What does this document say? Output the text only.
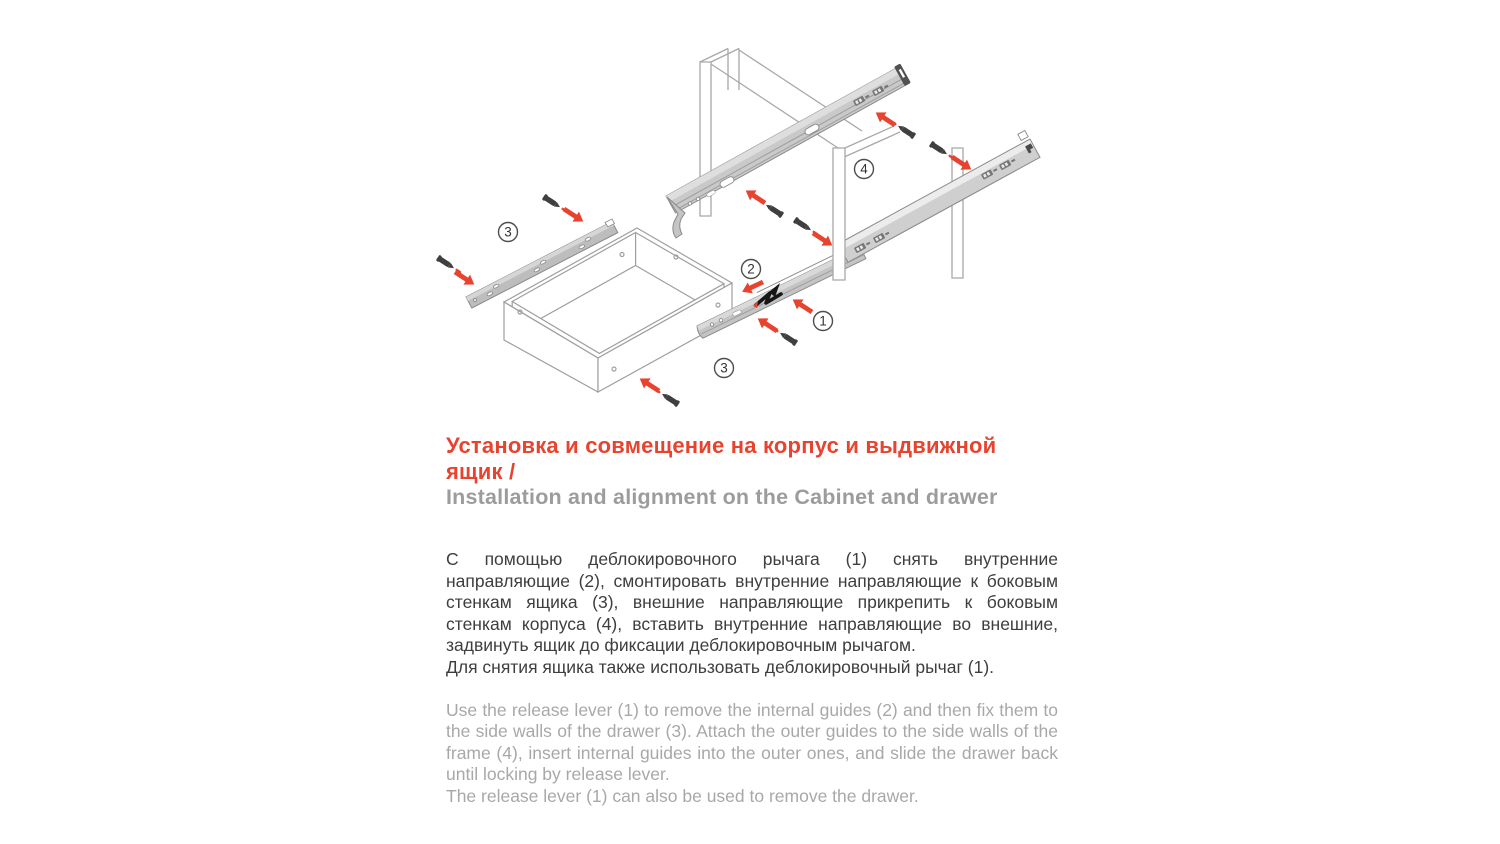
3
4
2
1
3
Установка и совмещение на корпус и выдвижной ящик /
Installation and alignment on the Cabinet and drawer

С помощью деблокировочного рычага (1) снять внутренние направляющие (2), смонтировать внутренние направляющие к боковым стенкам ящика (3), внешние направляющие прикрепить к боковым стенкам корпуса (4), вставить внутренние направляющие во внешние, задвинуть ящик до фиксации деблокировочным рычагом.

Для снятия ящика также использовать деблокировочный рычаг (1).

Use the release lever (1) to remove the internal guides (2) and then fix them to the side walls of the drawer (3). Attach the outer guides to the side walls of the frame (4), insert internal guides into the outer ones, and slide the drawer back until locking by release lever.

The release lever (1) can also be used to remove the drawer.
